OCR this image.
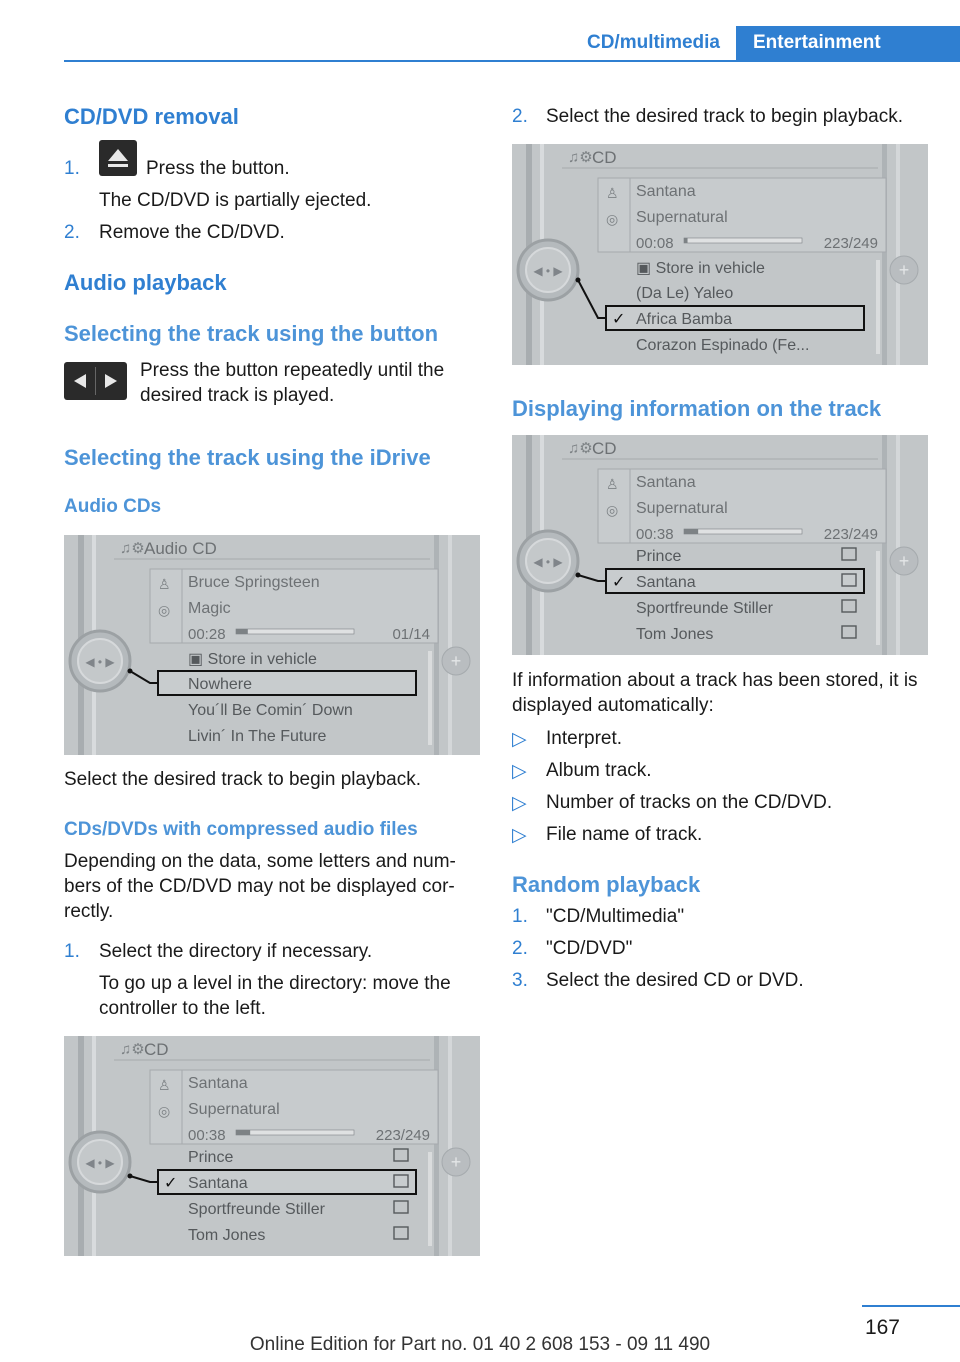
CD/multimedia	Entertainment
CD/DVD removal
1.	Press the button.
The CD/DVD is partially ejected.
2. Remove the CD/DVD.
Audio playback
Selecting the track using the button

Press the button repeatedly until the desired track is played.

Selecting the track using the iDrive
Audio CDs
♫⚙ Audio CD
♙
◎
Bruce Springsteen
Magic
00:28	01/14
◀ • ▶	+
▣ Store in vehicle
Nowhere
You´ll Be Comin´ Down
Livin´ In The Future

Select the desired track to begin playback.

CDs/DVDs with compressed audio files

Depending on the data, some letters and numbers of the CD/DVD may not be displayed correctly.

1. Select the directory if necessary.

To go up a level in the directory: move the controller to the left.

♫⚙ CD
♙
◎
Santana
Supernatural
00:38	223/249
◀ • ▶	+
Prince
✓ Santana
Sportfreunde Stiller
Tom Jones
2. Select the desired track to begin playback.
♫⚙ CD
♙
◎
Santana
Supernatural
00:08	223/249
◀ • ▶	+
▣ Store in vehicle
(Da Le) Yaleo
✓ Africa Bamba
Corazon Espinado (Fe...
Displaying information on the track
♫⚙ CD
♙
◎
Santana
Supernatural
00:38	223/249
◀ • ▶	+
Prince
✓ Santana
Sportfreunde Stiller
Tom Jones

If information about a track has been stored, it is displayed automatically:

▷ Interpret.
▷ Album track.
▷ Number of tracks on the CD/DVD.
▷ File name of track.
Random playback
1. "CD/Multimedia"
2. "CD/DVD"
3. Select the desired CD or DVD.
167
Online Edition for Part no. 01 40 2 608 153 - 09 11 490
